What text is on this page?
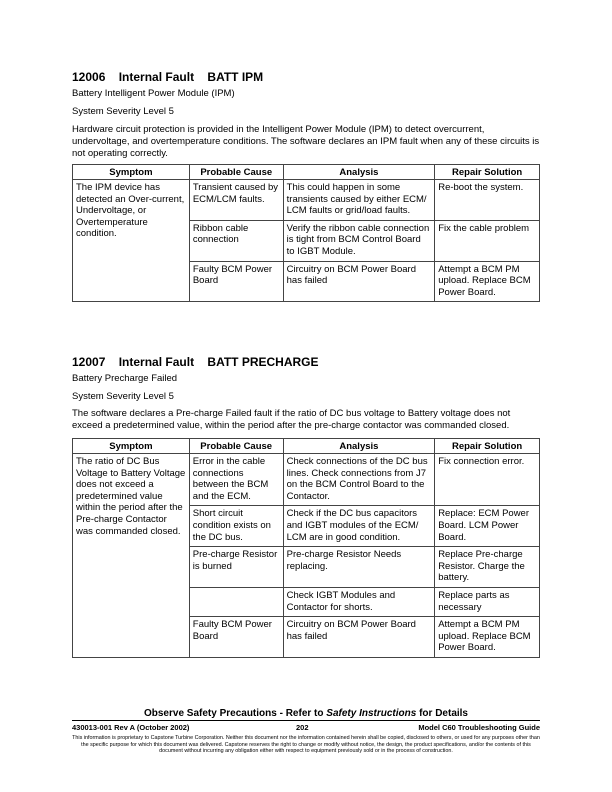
12006 Internal Fault BATT IPM
Battery Intelligent Power Module (IPM)
System Severity Level 5
Hardware circuit protection is provided in the Intelligent Power Module (IPM) to detect overcurrent, undervoltage, and overtemperature conditions. The software declares an IPM fault when any of these circuits is not operating correctly.
Symptom	Probable Cause	Analysis	Repair Solution
The IPM device has detected an Over-current, Undervoltage, or Overtemperature condition.	Transient caused by ECM/LCM faults.	This could happen in some transients caused by either ECM/ LCM faults or grid/load faults.	Re-boot the system.
	Ribbon cable connection	Verify the ribbon cable connection is tight from BCM Control Board to IGBT Module.	Fix the cable problem
	Faulty BCM Power Board	Circuitry on BCM Power Board has failed	Attempt a BCM PM upload. Replace BCM Power Board.
12007 Internal Fault BATT PRECHARGE
Battery Precharge Failed
System Severity Level 5
The software declares a Pre-charge Failed fault if the ratio of DC bus voltage to Battery voltage does not exceed a predetermined value, within the period after the pre-charge contactor was commanded closed.
Symptom	Probable Cause	Analysis	Repair Solution
The ratio of DC Bus Voltage to Battery Voltage does not exceed a predetermined value within the period after the Pre-charge Contactor was commanded closed.	Error in the cable connections between the BCM and the ECM.	Check connections of the DC bus lines. Check connections from J7 on the BCM Control Board to the Contactor.	Fix connection error.
	Short circuit condition exists on the DC bus.	Check if the DC bus capacitors and IGBT modules of the ECM/ LCM are in good condition.	Replace: ECM Power Board. LCM Power Board.
	Pre-charge Resistor is burned	Pre-charge Resistor Needs replacing.	Replace Pre-charge Resistor. Charge the battery.
		Check IGBT Modules and Contactor for shorts.	Replace parts as necessary
	Faulty BCM Power Board	Circuitry on BCM Power Board has failed	Attempt a BCM PM upload. Replace BCM Power Board.
Observe Safety Precautions - Refer to Safety Instructions for Details
430013-001 Rev A (October 2002)	202	Model C60 Troubleshooting Guide
This information is proprietary to Capstone Turbine Corporation. Neither this document nor the information contained herein shall be copied, disclosed to others, or used for any purposes other than the specific purpose for which this document was delivered. Capstone reserves the right to change or modify without notice, the design, the product specifications, and/or the contents of this document without incurring any obligation either with respect to equipment previously sold or in the process of construction.
